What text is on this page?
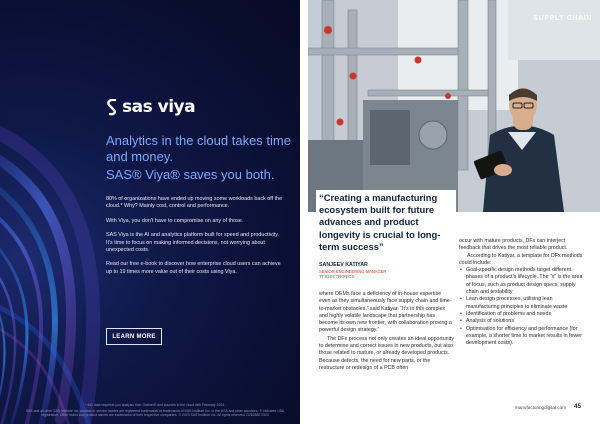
sas viya
Analytics in the cloud takes time and money.
SAS® Viya® saves you both.

80% of organizations have ended up moving some workloads back off the cloud.* Why? Mainly cost, control and performance.

With Viya, you don't have to compromise on any of those.

SAS Viya is the AI and analytics platform built for speed and productivity. It's time to focus on making informed decisions, not worrying about unexpected costs.

Read our free e-book to discover how enterprise cloud users can achieve up to 19 times more value out of their costs using Viya.

LEARN MORE
* 441 data requests you analysis that. Gartner® and sources in the cloud with February 2023.
SAS and all other SAS Institute Inc. product or service names are registered trademarks or trademarks of SAS Institute Inc. in the USA and other countries. ® indicates USA registration. Other brand and product names are trademarks of their respective companies. © 2023 SAS Institute Inc. All rights reserved. G262880.0523
SUPPLY CHAIN
“Creating a manufacturing ecosystem built for future advances and product longevity is crucial to long-term success”
SANJEEV KATIYAR
SENIOR ENGINEERING MANAGER
TT ELECTRONICS

where OEMs face a deficiency of in-house expertise even as they simultaneously face supply chain and time-to-market obstacles,” said Katiyar. “It’s in this complex and highly volatile landscape that partnership has become its own new frontier, with collaboration proving a powerful design strategy.”

The DFx process not only creates an ideal opportunity to determine and correct issues in new products, but also those related to mature, or already developed products. Because defects, the need for new parts, or the restructure or redesign of a PCB often

occur with mature products, DFx can interject feedback that drives the most reliable product.

According to Katiyar, a template for DFx methods could include:

• Goal-specific design methods target different phases of a product’s lifecycle. The “x” is the area of focus, such as product design specs, supply chain and testability
• Lean design processes, utilising lean manufacturing principles to eliminate waste
• Identification of problems and needs
• Analysis of solutions
• Optimisation for efficiency and performance (for example, a shorter time to market results in fewer development costs).
manufacturingdigital.com 45
